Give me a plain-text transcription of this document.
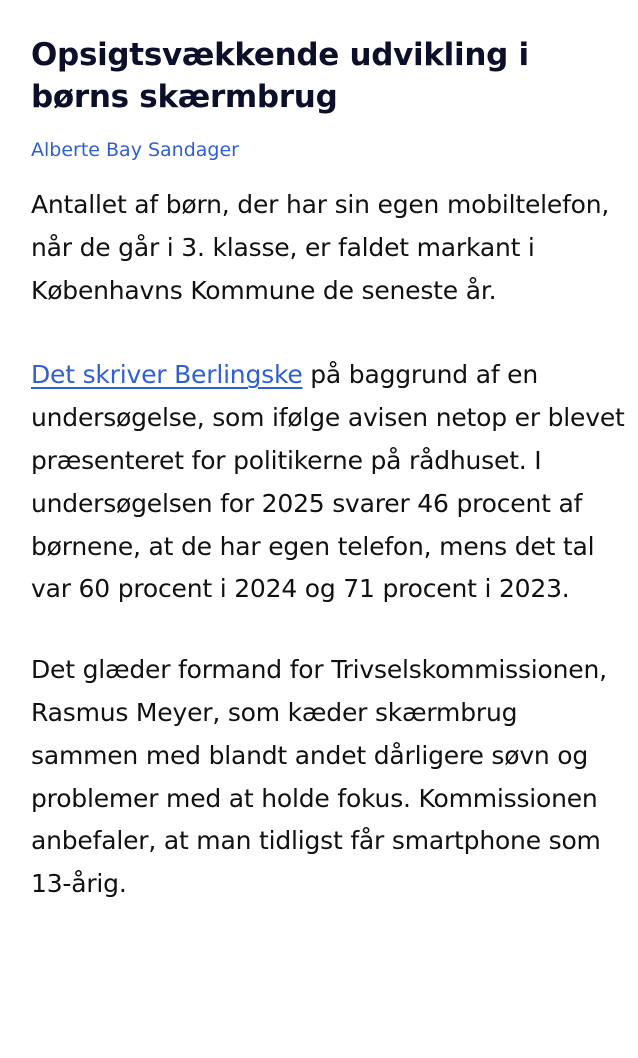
Opsigtsvækkende udvikling i børns skærmbrug
Alberte Bay Sandager

Antallet af børn, der har sin egen mobiltelefon, når de går i 3. klasse, er faldet markant i Københavns Kommune de seneste år.

Det skriver Berlingske på baggrund af en undersøgelse, som ifølge avisen netop er blevet præsenteret for politikerne på rådhuset. I undersøgelsen for 2025 svarer 46 procent af børnene, at de har egen telefon, mens det tal var 60 procent i 2024 og 71 procent i 2023.

Det glæder formand for Trivselskommissionen, Rasmus Meyer, som kæder skærmbrug sammen med blandt andet dårligere søvn og problemer med at holde fokus. Kommissionen anbefaler, at man tidligst får smartphone som 13-årig.
